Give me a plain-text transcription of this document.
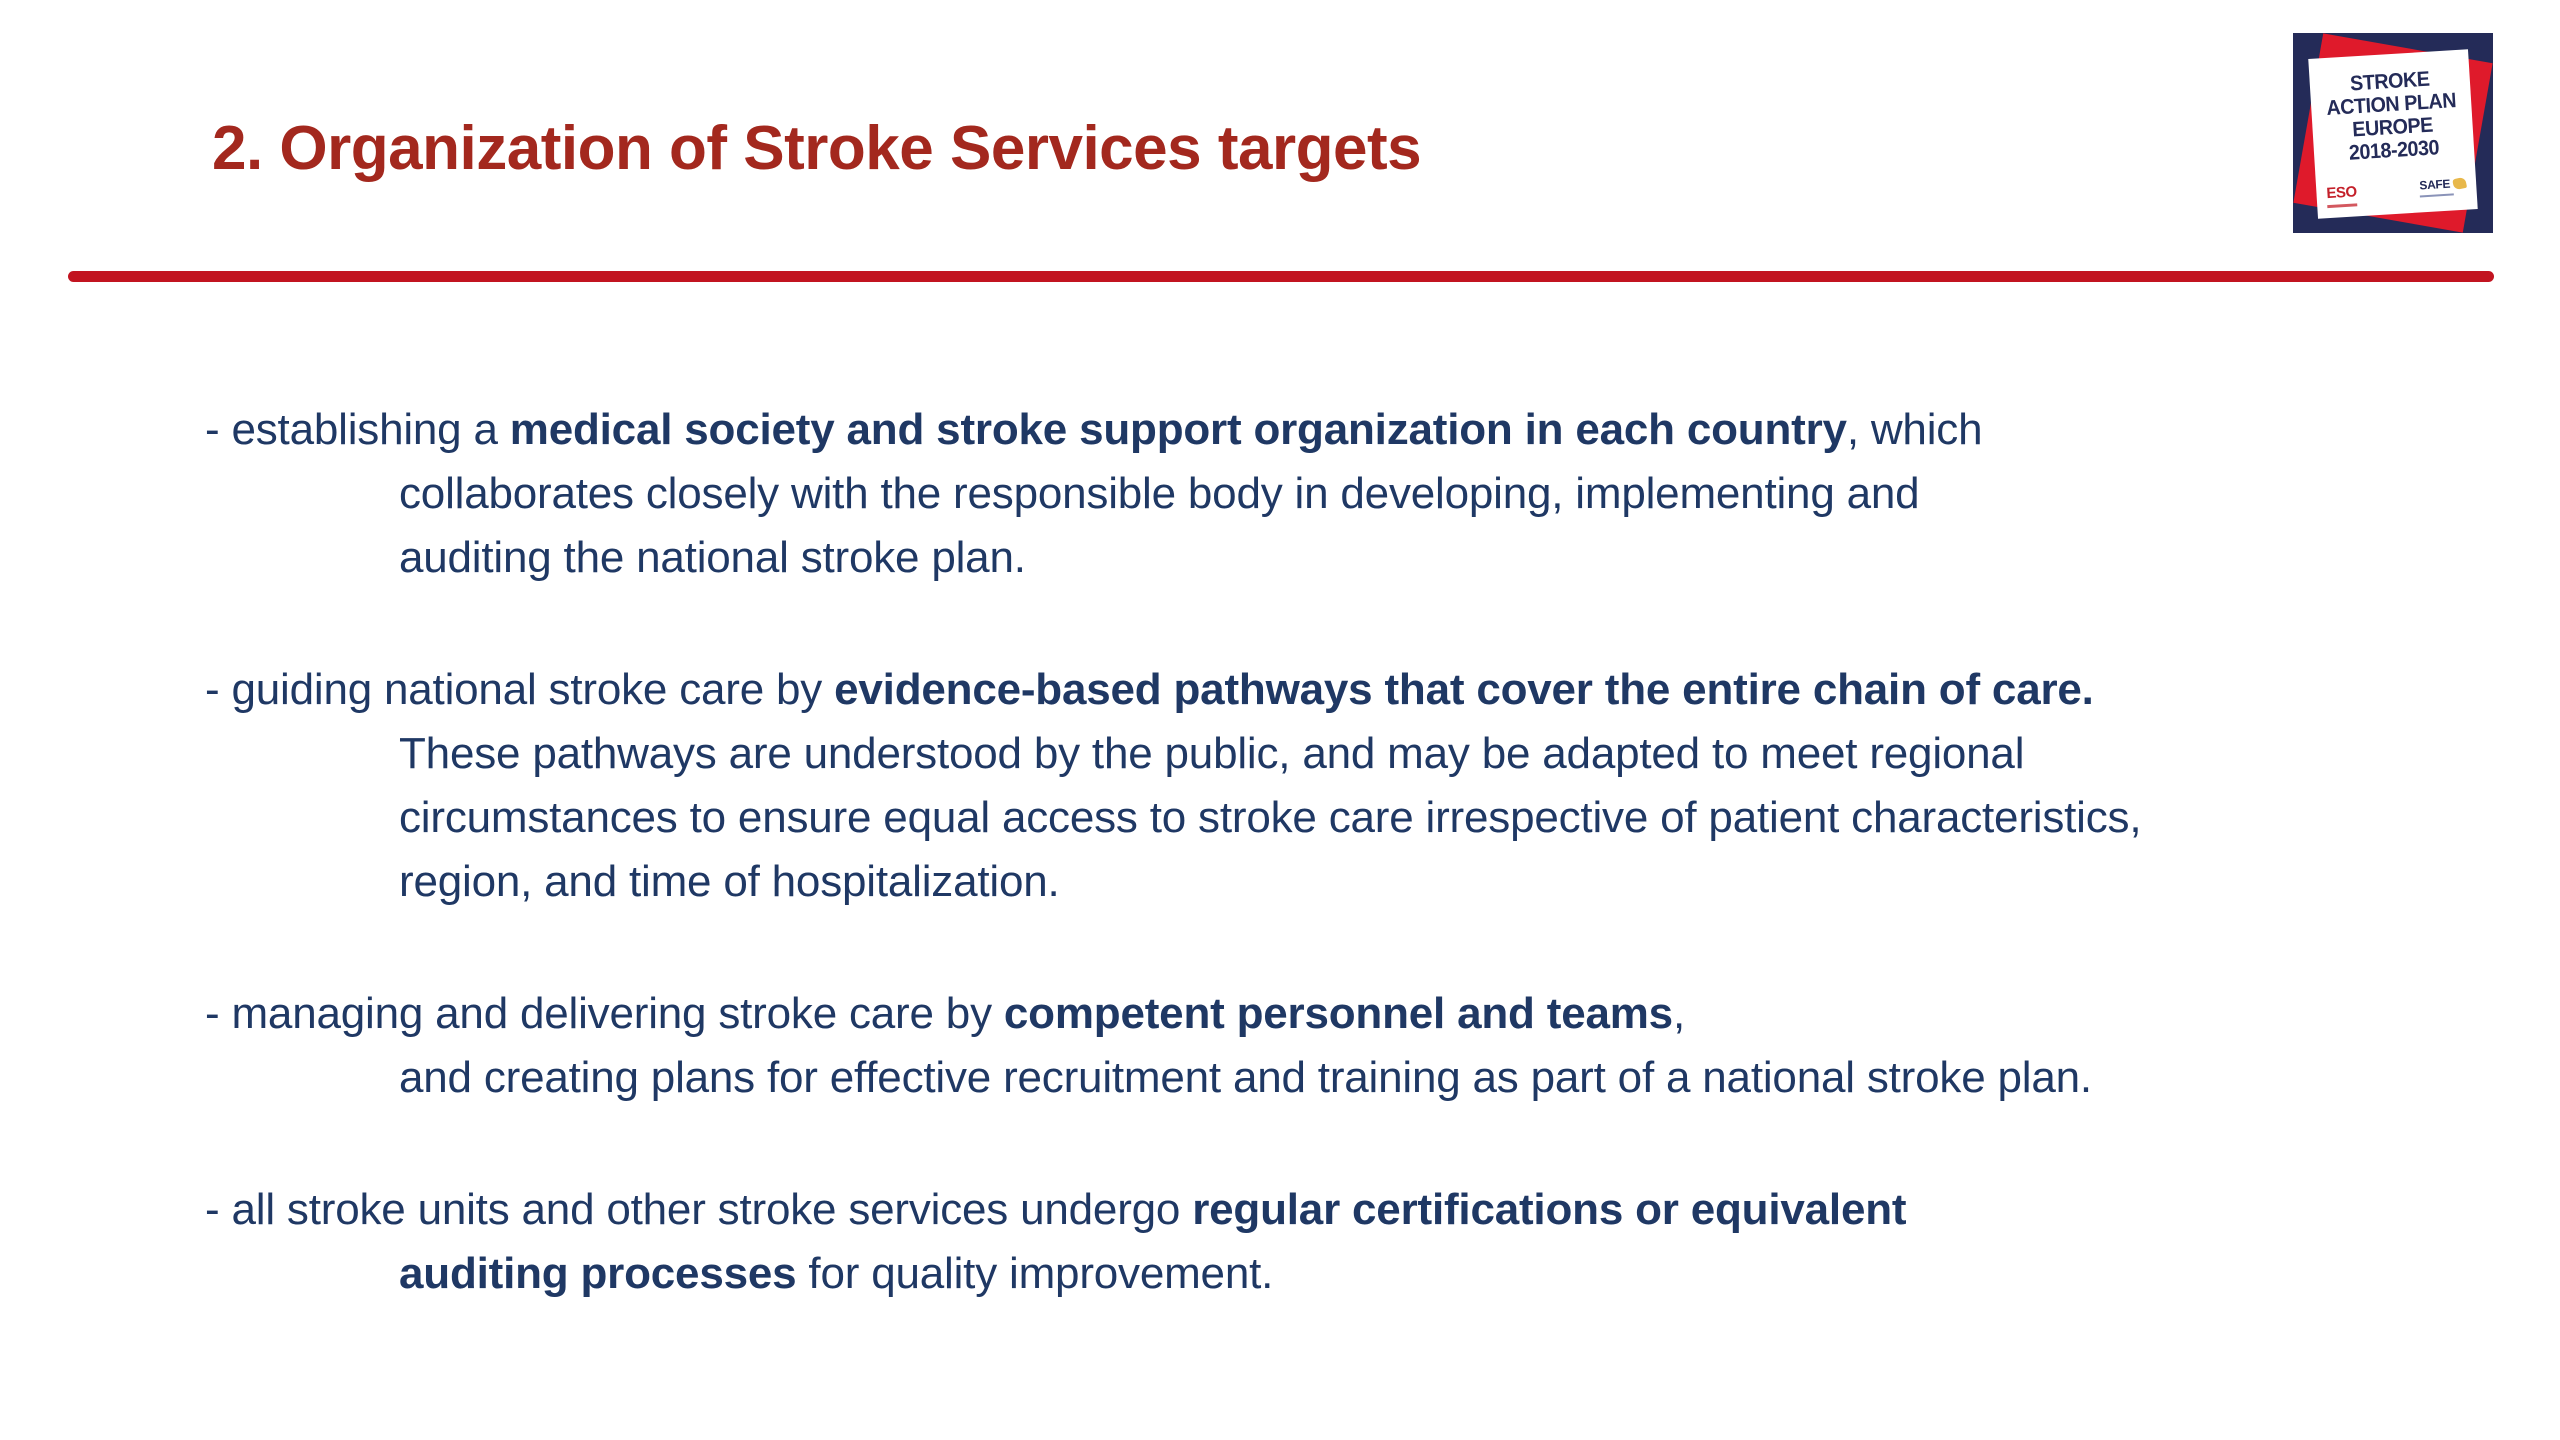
2. Organization of Stroke Services targets
STROKE
ACTION PLAN
EUROPE
2018-2030
ESO	SAFE
- establishing a medical society and stroke support organization in each country, which
collaborates closely with the responsible body in developing, implementing and
auditing the national stroke plan.
- guiding national stroke care by evidence-based pathways that cover the entire chain of care.
These pathways are understood by the public, and may be adapted to meet regional
circumstances to ensure equal access to stroke care irrespective of patient characteristics,
region, and time of hospitalization.
- managing and delivering stroke care by competent personnel and teams,
and creating plans for effective recruitment and training as part of a national stroke plan.
- all stroke units and other stroke services undergo regular certifications or equivalent
auditing processes for quality improvement.
